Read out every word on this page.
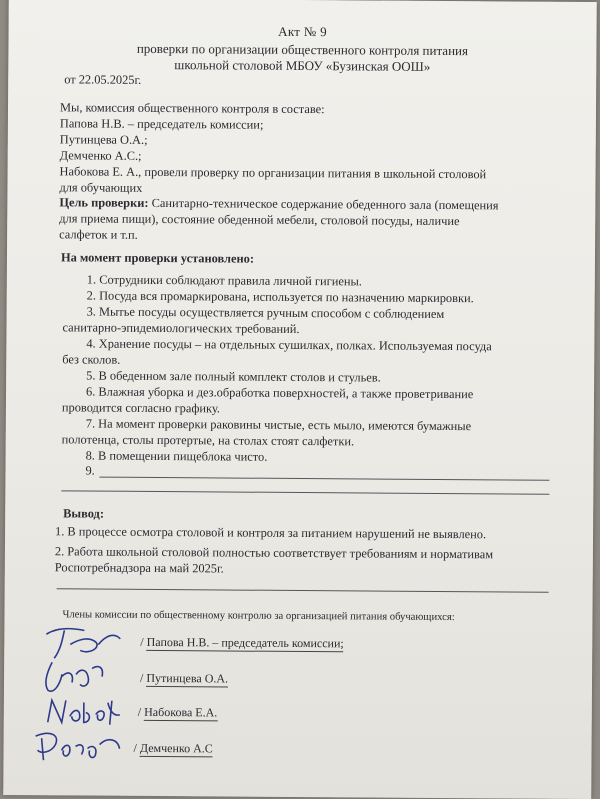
Акт № 9
проверки по организации общественного контроля питания
школьной столовой МБОУ «Бузинская ООШ»
от 22.05.2025г.
Мы, комиссия общественного контроля в составе:
Папова Н.В. – председатель комиссии;
Путинцева О.А.;
Демченко А.С.;
Набокова Е. А., провели проверку по организации питания в школьной столовой
для обучающих
Цель проверки: Санитарно-техническое содержание обеденного зала (помещения
для приема пищи), состояние обеденной мебели, столовой посуды, наличие
салфеток и т.п.
На момент проверки установлено:
1. Сотрудники соблюдают правила личной гигиены.
2. Посуда вся промаркирована, используется по назначению маркировки.
3. Мытье посуды осуществляется ручным способом с соблюдением
санитарно-эпидемиологических требований.
4. Хранение посуды – на отдельных сушилках, полках. Используемая посуда
без сколов.
5. В обеденном зале полный комплект столов и стульев.
6. Влажная уборка и дез.обработка поверхностей, а также проветривание
проводится согласно графику.
7. На момент проверки раковины чистые, есть мыло, имеются бумажные
полотенца, столы протертые, на столах стоят салфетки.
8. В помещении пищеблока чисто.
9.
Вывод:
1. В процессе осмотра столовой и контроля за питанием нарушений не выявлено.
2. Работа школьной столовой полностью соответствует требованиям и нормативам
Роспотребнадзора на май 2025г.
Члены комиссии по общественному контролю за организацией питания обучающихся:
/ Папова Н.В. – председатель комиссии;
/ Путинцева О.А.
/ Набокова Е.А.
/ Демченко А.С
